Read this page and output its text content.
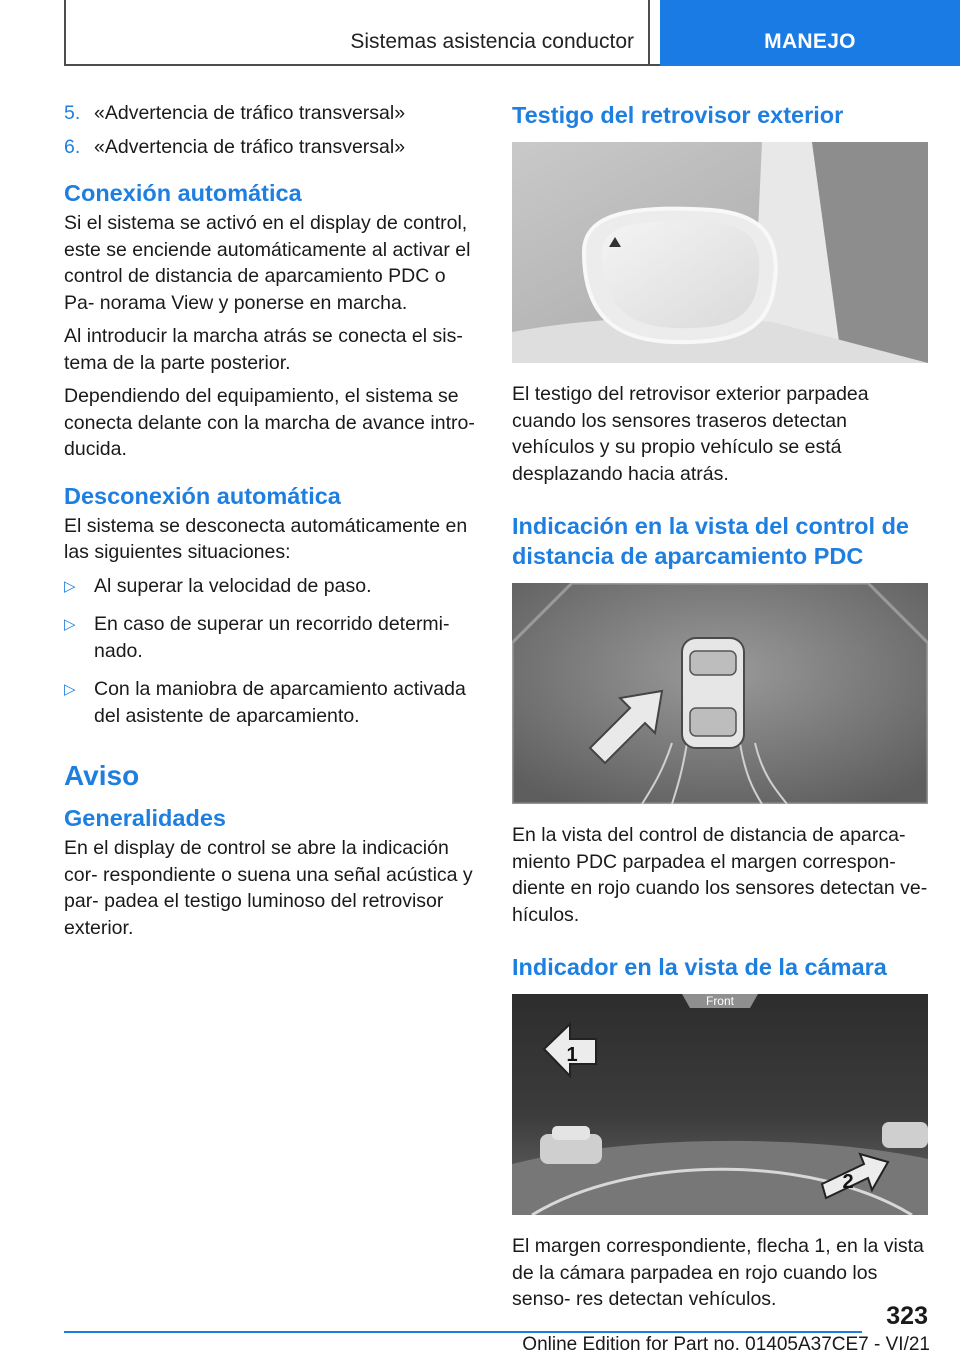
Sistemas asistencia conductor	MANEJO
5. «Advertencia de tráfico transversal»
6. «Advertencia de tráfico transversal»
Conexión automática

Si el sistema se activó en el display de control, este se enciende automáticamente al activar el control de distancia de aparcamiento PDC o Pa‐ norama View y ponerse en marcha.

Al introducir la marcha atrás se conecta el sis‐ tema de la parte posterior.

Dependiendo del equipamiento, el sistema se conecta delante con la marcha de avance intro‐ ducida.

Desconexión automática

El sistema se desconecta automáticamente en las siguientes situaciones:

▷ Al superar la velocidad de paso.
▷ En caso de superar un recorrido determi‐ nado.
▷ Con la maniobra de aparcamiento activada del asistente de aparcamiento.
Aviso
Generalidades

En el display de control se abre la indicación cor‐ respondiente o suena una señal acústica y par‐ padea el testigo luminoso del retrovisor exterior.

Testigo del retrovisor exterior

El testigo del retrovisor exterior parpadea cuando los sensores traseros detectan vehículos y su propio vehículo se está desplazando hacia atrás.

Indicación en la vista del control de distancia de aparcamiento PDC

En la vista del control de distancia de aparca‐ miento PDC parpadea el margen correspon‐ diente en rojo cuando los sensores detectan ve‐ hículos.

Indicador en la vista de la cámara
Front
1
2

El margen correspondiente, flecha 1, en la vista de la cámara parpadea en rojo cuando los senso‐ res detectan vehículos.

323
Online Edition for Part no. 01405A37CE7 - VI/21
